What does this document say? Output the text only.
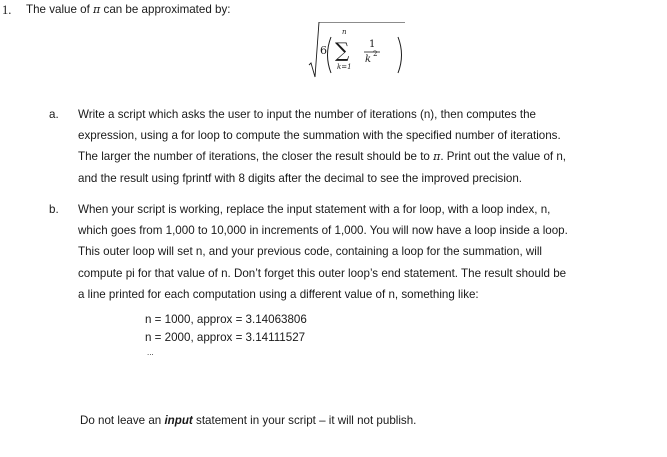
1. The value of π can be approximated by:
6
n
∑
k=1
1
k 2
a. Write a script which asks the user to input the number of iterations (n), then computes the
expression, using a for loop to compute the summation with the specified number of iterations.
The larger the number of iterations, the closer the result should be to π. Print out the value of n,
and the result using fprintf with 8 digits after the decimal to see the improved precision.
b. When your script is working, replace the input statement with a for loop, with a loop index, n,
which goes from 1,000 to 10,000 in increments of 1,000. You will now have a loop inside a loop.
This outer loop will set n, and your previous code, containing a loop for the summation, will
compute pi for that value of n. Don’t forget this outer loop’s end statement. The result should be
a line printed for each computation using a different value of n, something like:
n = 1000, approx = 3.14063806
n = 2000, approx = 3.14111527
...
Do not leave an input statement in your script – it will not publish.
